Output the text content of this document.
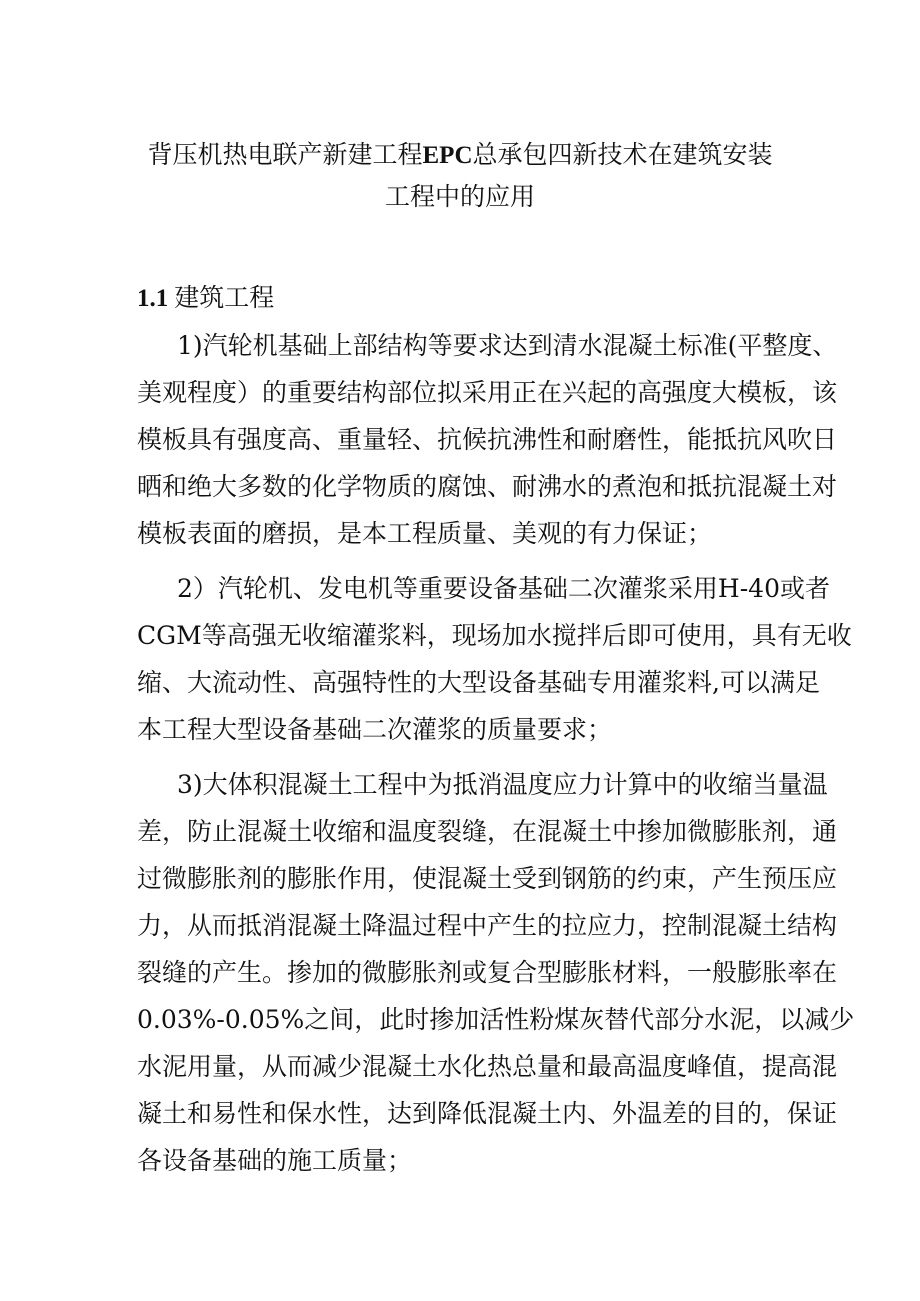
背压机热电联产新建工程EPC总承包四新技术在建筑安装
工程中的应用
1.1 建筑工程
1)汽轮机基础上部结构等要求达到清水混凝土标准(平整度、
美观程度）的重要结构部位拟采用正在兴起的高强度大模板，该
模板具有强度高、重量轻、抗候抗沸性和耐磨性，能抵抗风吹日
晒和绝大多数的化学物质的腐蚀、耐沸水的煮泡和抵抗混凝土对
模板表面的磨损，是本工程质量、美观的有力保证；
2）汽轮机、发电机等重要设备基础二次灌浆采用H-40或者
CGM等高强无收缩灌浆料，现场加水搅拌后即可使用，具有无收
缩、大流动性、高强特性的大型设备基础专用灌浆料,可以满足
本工程大型设备基础二次灌浆的质量要求；
3)大体积混凝土工程中为抵消温度应力计算中的收缩当量温
差，防止混凝土收缩和温度裂缝，在混凝土中掺加微膨胀剂，通
过微膨胀剂的膨胀作用，使混凝土受到钢筋的约束，产生预压应
力，从而抵消混凝土降温过程中产生的拉应力，控制混凝土结构
裂缝的产生。掺加的微膨胀剂或复合型膨胀材料，一般膨胀率在
0.03%-0.05%之间，此时掺加活性粉煤灰替代部分水泥，以减少
水泥用量，从而减少混凝土水化热总量和最高温度峰值，提高混
凝土和易性和保水性，达到降低混凝土内、外温差的目的，保证
各设备基础的施工质量；
